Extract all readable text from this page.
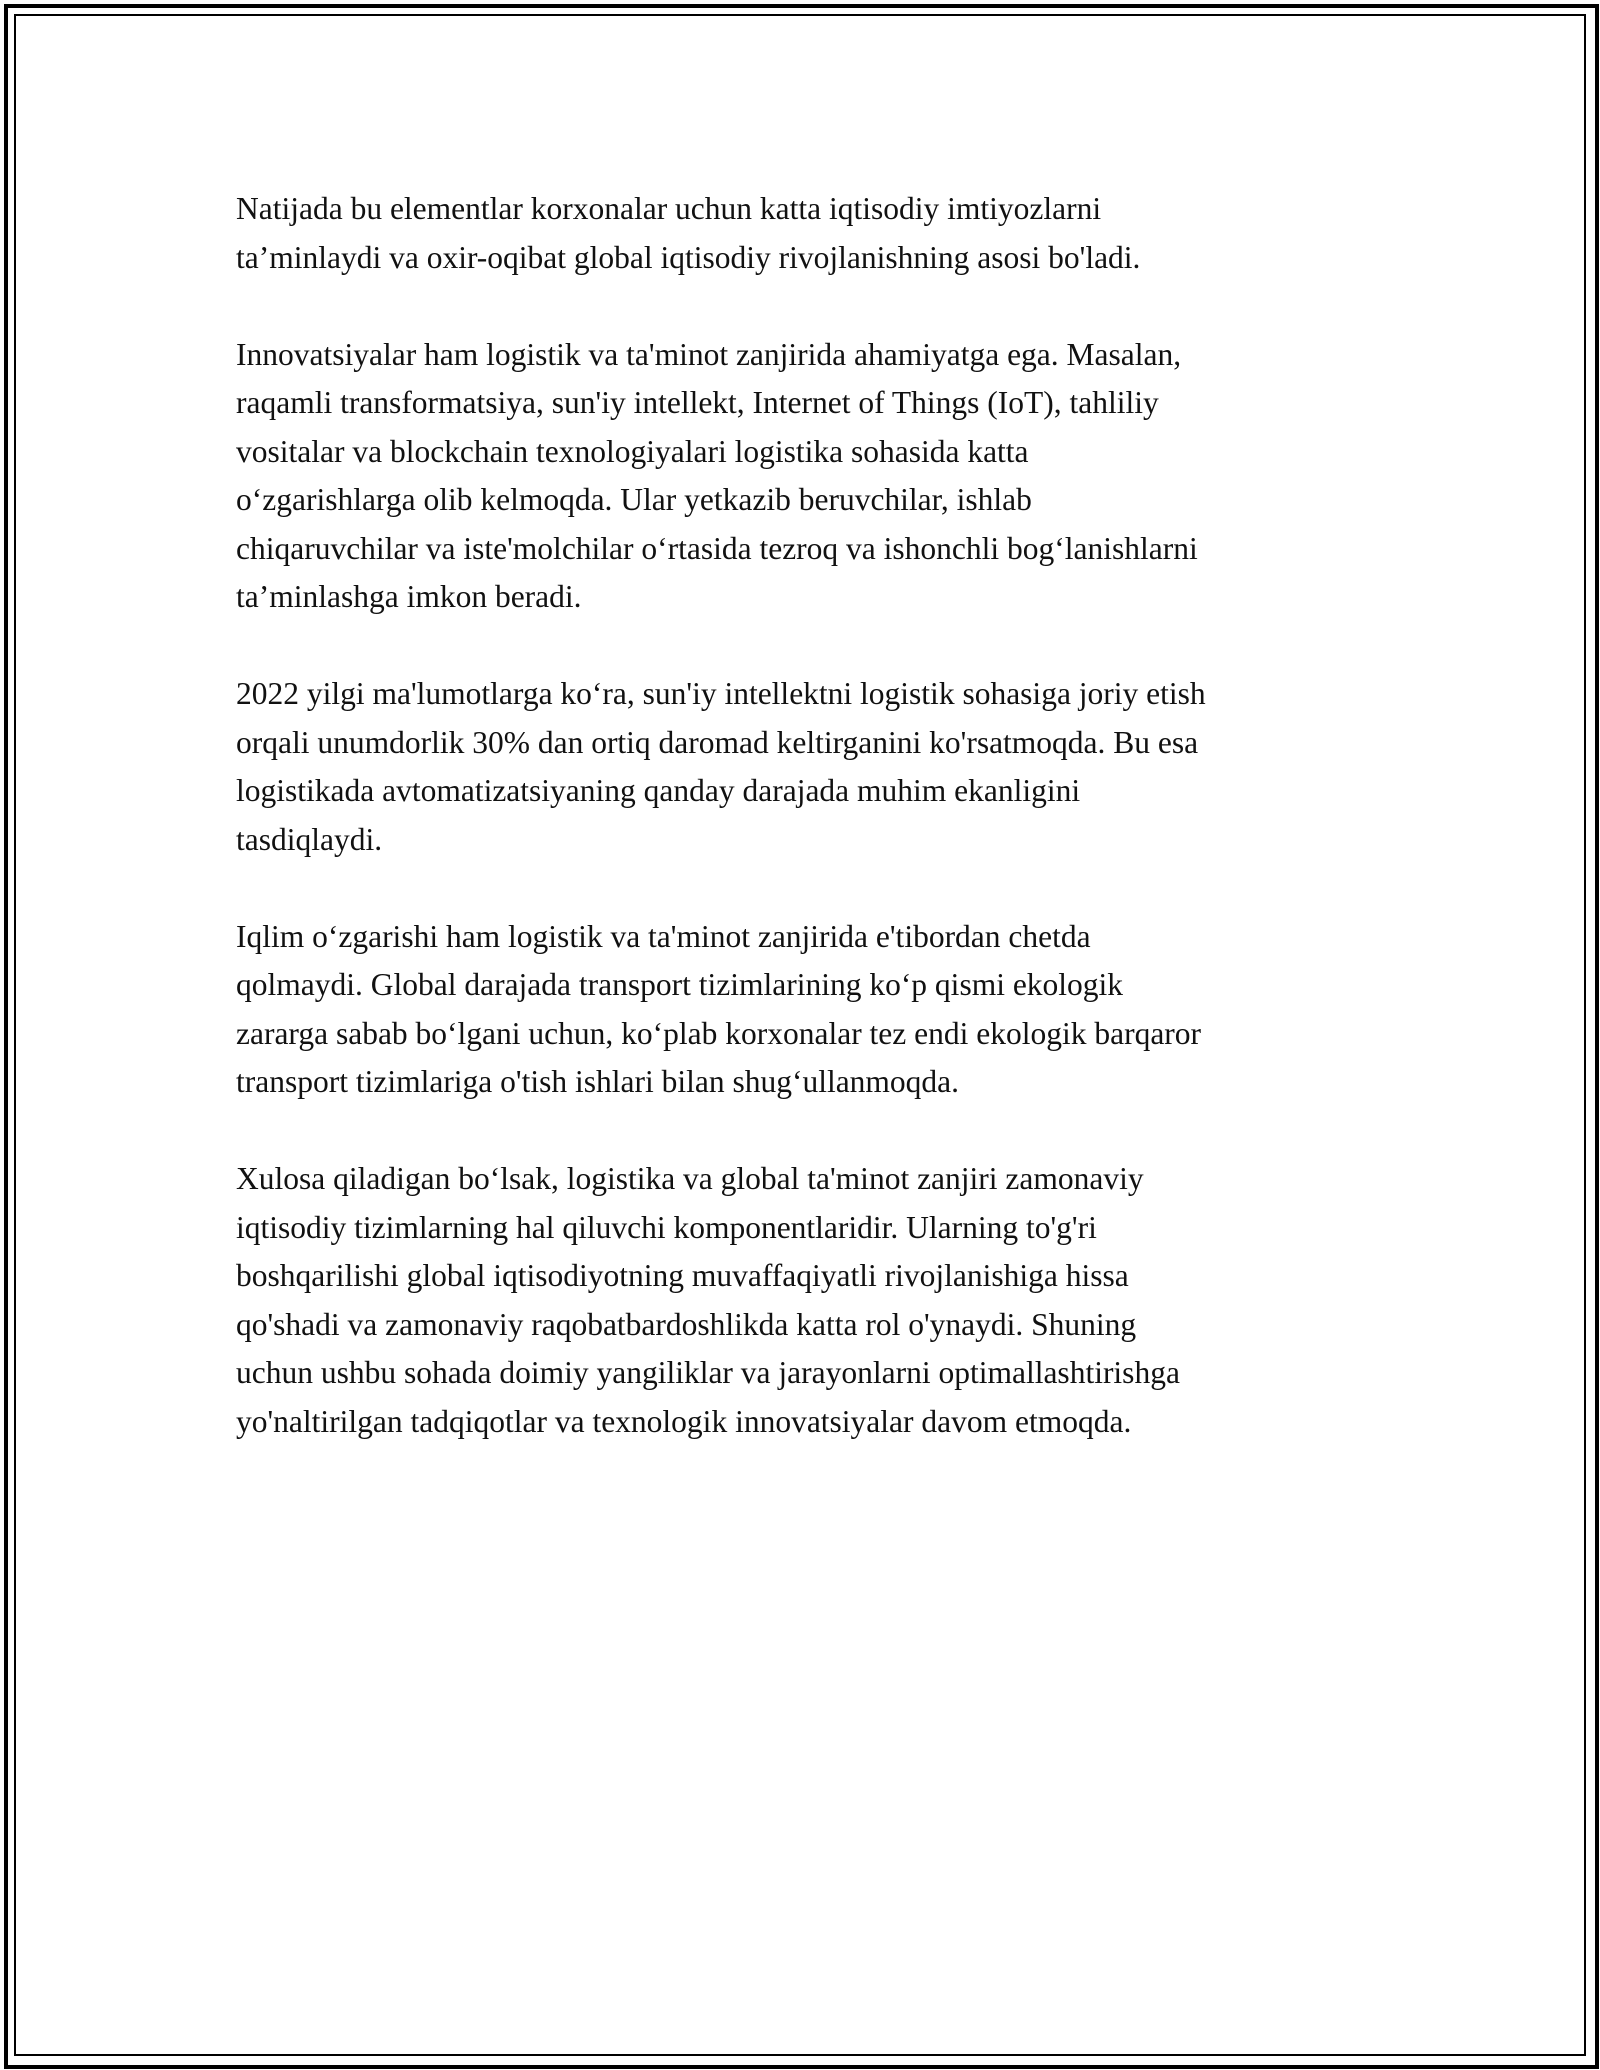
Natijada bu elementlar korxonalar uchun katta iqtisodiy imtiyozlarni
ta’minlaydi va oxir-oqibat global iqtisodiy rivojlanishning asosi bo'ladi.

Innovatsiyalar ham logistik va ta'minot zanjirida ahamiyatga ega. Masalan,
raqamli transformatsiya, sun'iy intellekt, Internet of Things (IoT), tahliliy
vositalar va blockchain texnologiyalari logistika sohasida katta
o‘zgarishlarga olib kelmoqda. Ular yetkazib beruvchilar, ishlab
chiqaruvchilar va iste'molchilar o‘rtasida tezroq va ishonchli bog‘lanishlarni
ta’minlashga imkon beradi.

2022 yilgi ma'lumotlarga ko‘ra, sun'iy intellektni logistik sohasiga joriy etish
orqali unumdorlik 30% dan ortiq daromad keltirganini ko'rsatmoqda. Bu esa
logistikada avtomatizatsiyaning qanday darajada muhim ekanligini
tasdiqlaydi.

Iqlim o‘zgarishi ham logistik va ta'minot zanjirida e'tibordan chetda
qolmaydi. Global darajada transport tizimlarining ko‘p qismi ekologik
zararga sabab bo‘lgani uchun, ko‘plab korxonalar tez endi ekologik barqaror
transport tizimlariga o'tish ishlari bilan shug‘ullanmoqda.

Xulosa qiladigan bo‘lsak, logistika va global ta'minot zanjiri zamonaviy
iqtisodiy tizimlarning hal qiluvchi komponentlaridir. Ularning to'g'ri
boshqarilishi global iqtisodiyotning muvaffaqiyatli rivojlanishiga hissa
qo'shadi va zamonaviy raqobatbardoshlikda katta rol o'ynaydi. Shuning
uchun ushbu sohada doimiy yangiliklar va jarayonlarni optimallashtirishga
yo'naltirilgan tadqiqotlar va texnologik innovatsiyalar davom etmoqda.
